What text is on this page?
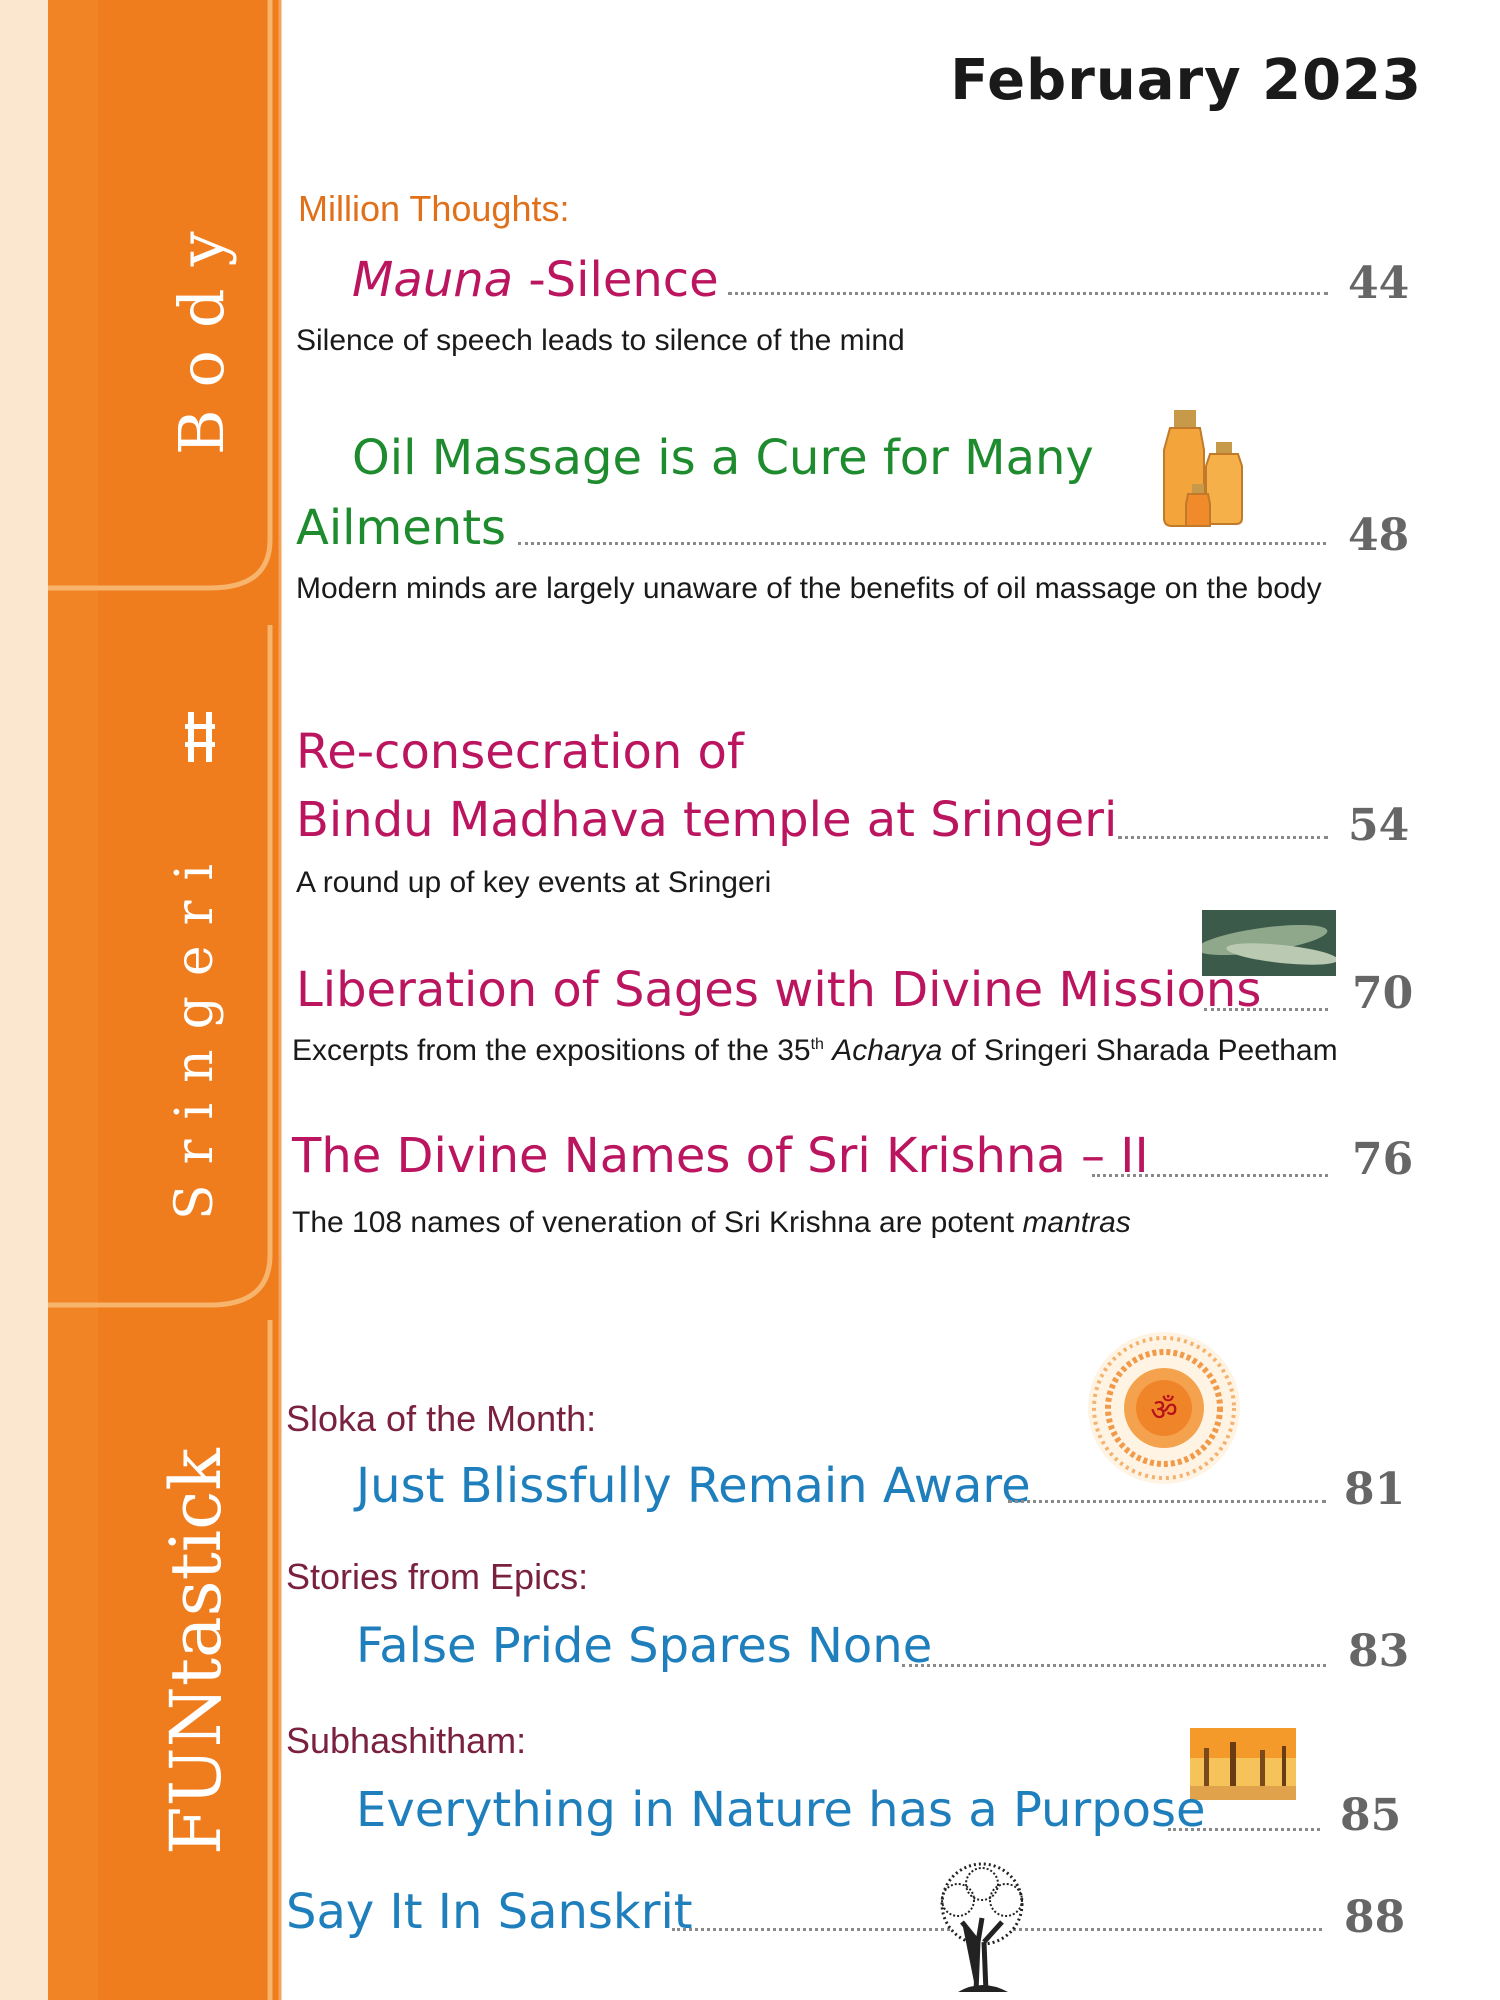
Body
Sringeri
FUNtastick
February 2023
Million Thoughts:
Mauna -Silence	44
Silence of speech leads to silence of the mind
Oil Massage is a Cure for Many
Ailments	48
Modern minds are largely unaware of the benefits of oil massage on the body
Re-consecration of
Bindu Madhava temple at Sringeri	54
A round up of key events at Sringeri
Liberation of Sages with Divine Missions 70
Excerpts from the expositions of the 35th Acharya of Sringeri Sharada Peetham
The Divine Names of Sri Krishna – II	76
The 108 names of veneration of Sri Krishna are potent mantras
ॐ
Sloka of the Month:
Just Blissfully Remain Aware	81
Stories from Epics:
False Pride Spares None	83
Subhashitham:
Everything in Nature has a Purpose	85
Say It In Sanskrit	88
